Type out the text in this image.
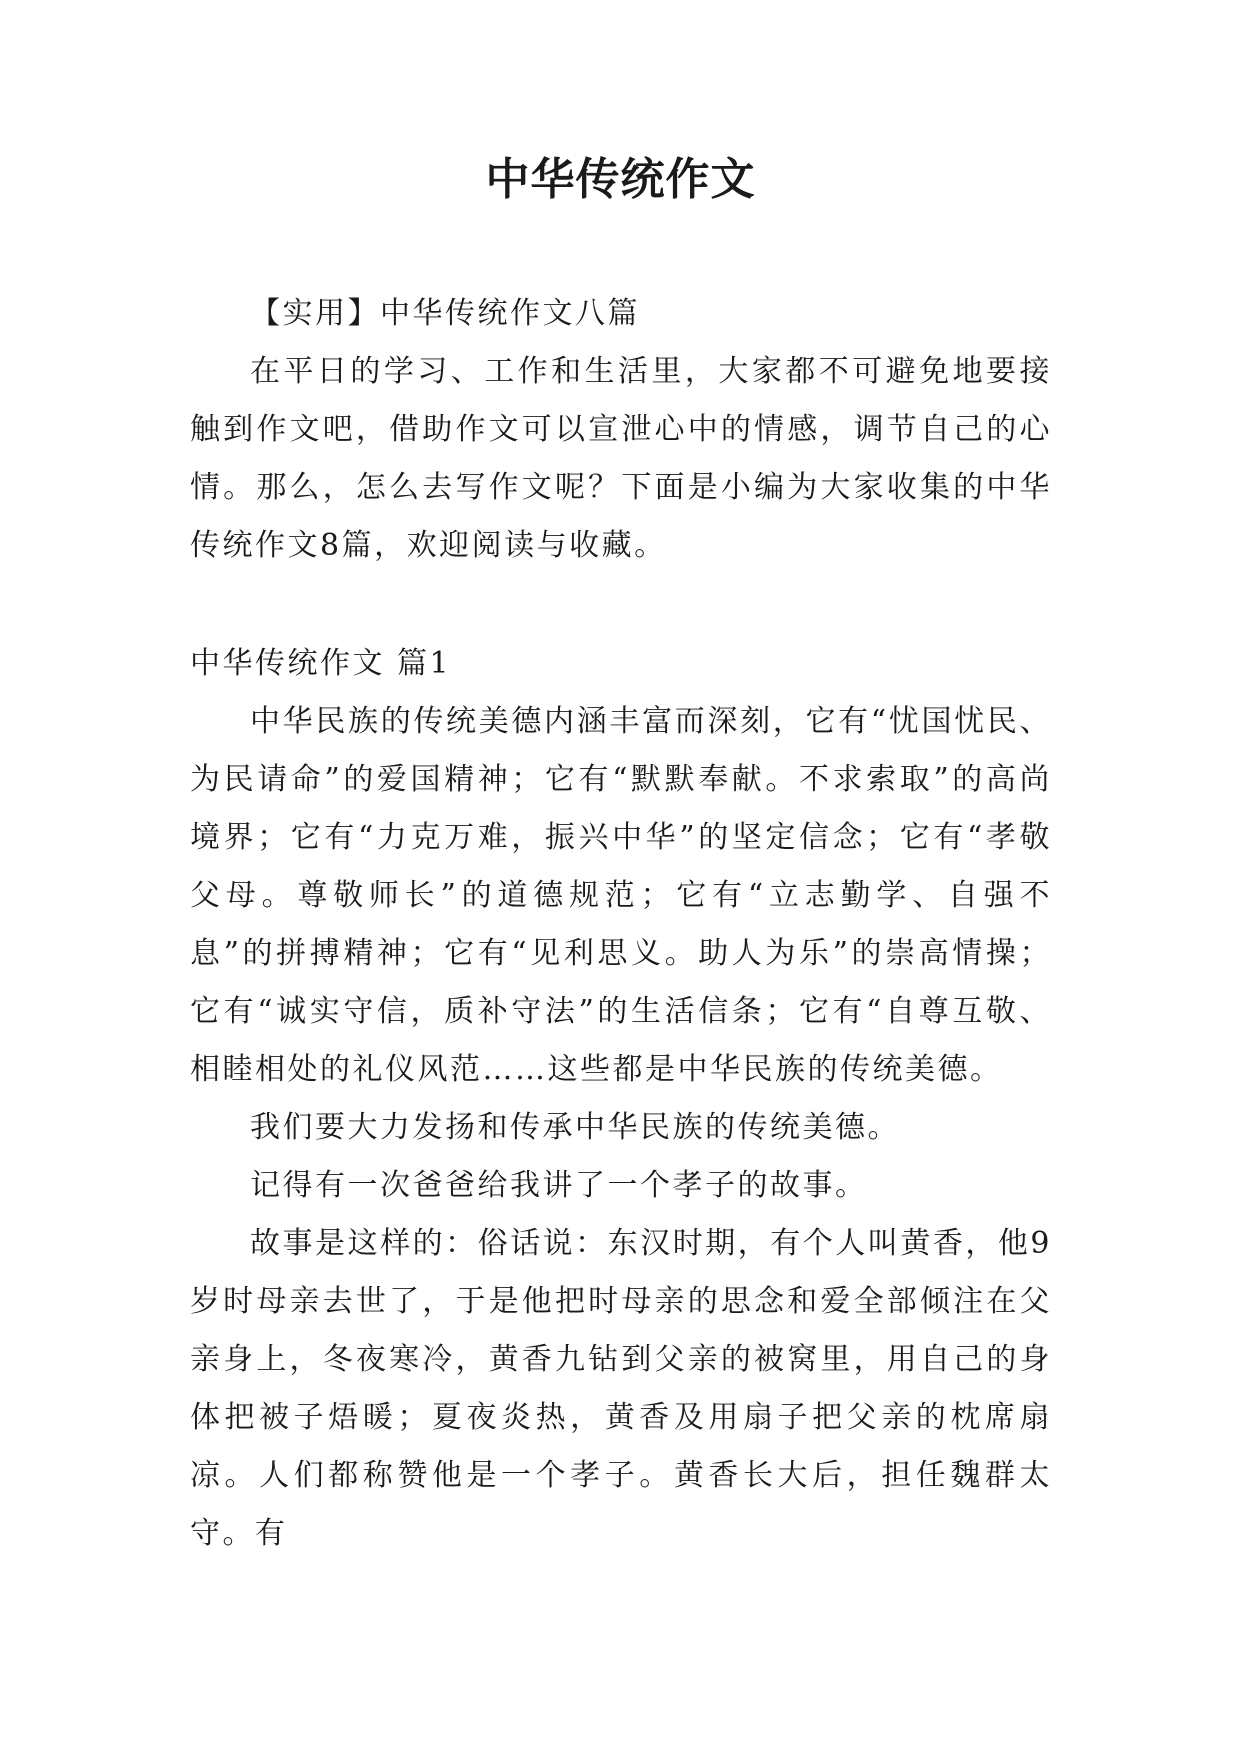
中华传统作文

【实用】中华传统作文八篇

在平日的学习、工作和生活里，大家都不可避免地要接触到作文吧，借助作文可以宣泄心中的情感，调节自己的心情。那么，怎么去写作文呢？下面是小编为大家收集的中华传统作文8篇，欢迎阅读与收藏。

中华传统作文 篇1

中华民族的传统美德内涵丰富而深刻，它有“忧国忧民、为民请命”的爱国精神；它有“默默奉献。不求索取”的高尚境界；它有“力克万难，振兴中华”的坚定信念；它有“孝敬父母。尊敬师长”的道德规范；它有“立志勤学、自强不息”的拼搏精神；它有“见利思义。助人为乐”的崇高情操；它有“诚实守信，质补守法”的生活信条；它有“自尊互敬、相睦相处的礼仪风范……这些都是中华民族的传统美德。

我们要大力发扬和传承中华民族的传统美德。

记得有一次爸爸给我讲了一个孝子的故事。

故事是这样的：俗话说：东汉时期，有个人叫黄香，他9岁时母亲去世了，于是他把时母亲的思念和爱全部倾注在父亲身上，冬夜寒冷，黄香九钻到父亲的被窝里，用自己的身体把被子焐暖；夏夜炎热，黄香及用扇子把父亲的枕席扇凉。人们都称赞他是一个孝子。黄香长大后，担任魏群太守。有
